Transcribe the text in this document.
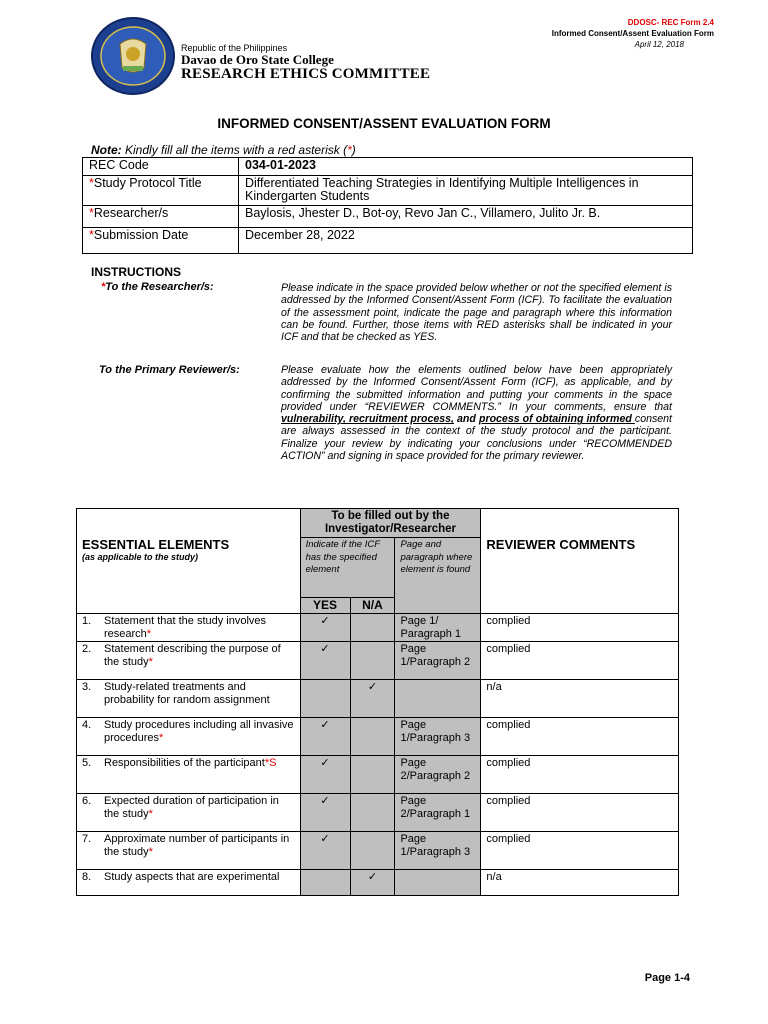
Republic of the Philippines
Davao de Oro State College
RESEARCH ETHICS COMMITTEE
DDOSC- REC Form 2.4
Informed Consent/Assent Evaluation Form
April 12, 2018
INFORMED CONSENT/ASSENT EVALUATION FORM
Note: Kindly fill all the items with a red asterisk (*)
REC Code	034-01-2023
*Study Protocol Title	Differentiated Teaching Strategies in Identifying Multiple Intelligences in Kindergarten Students
*Researcher/s	Baylosis, Jhester D., Bot-oy, Revo Jan C., Villamero, Julito Jr. B.
*Submission Date	December 28, 2022
INSTRUCTIONS
*To the Researcher/s:	Please indicate in the space provided below whether or not the specified element is addressed by the Informed Consent/Assent Form (ICF). To facilitate the evaluation of the assessment point, indicate the page and paragraph where this information can be found. Further, those items with RED asterisks shall be indicated in your ICF and that be checked as YES.
To the Primary Reviewer/s:	Please evaluate how the elements outlined below have been appropriately addressed by the Informed Consent/Assent Form (ICF), as applicable, and by confirming the submitted information and putting your comments in the space provided under “REVIEWER COMMENTS.” In your comments, ensure that vulnerability, recruitment process, and process of obtaining informed consent are always assessed in the context of the study protocol and the participant. Finalize your review by indicating your conclusions under “RECOMMENDED ACTION” and signing in space provided for the primary reviewer.
	To be filled out by the Investigator/Researcher			

ESSENTIAL ELEMENTS
(as applicable to the study)	Indicate if the ICF has the specified element		Page and paragraph where element is found	REVIEWER COMMENTS
	YES	N/A		

1. Statement that the study involves research*	✓		Page 1/ Paragraph 1	complied

2. Statement describing the purpose of the study*	✓		Page 1/Paragraph 2	complied

3. Study-related treatments and probability for random assignment		✓		n/a

4. Study procedures including all invasive procedures*	✓		Page 1/Paragraph 3	complied

5. Responsibilities of the participant*S	✓		Page 2/Paragraph 2	complied

6. Expected duration of participation in the study*	✓		Page 2/Paragraph 1	complied

7. Approximate number of participants in the study*	✓		Page 1/Paragraph 3	complied

8. Study aspects that are experimental		✓		n/a
Page 1-4
